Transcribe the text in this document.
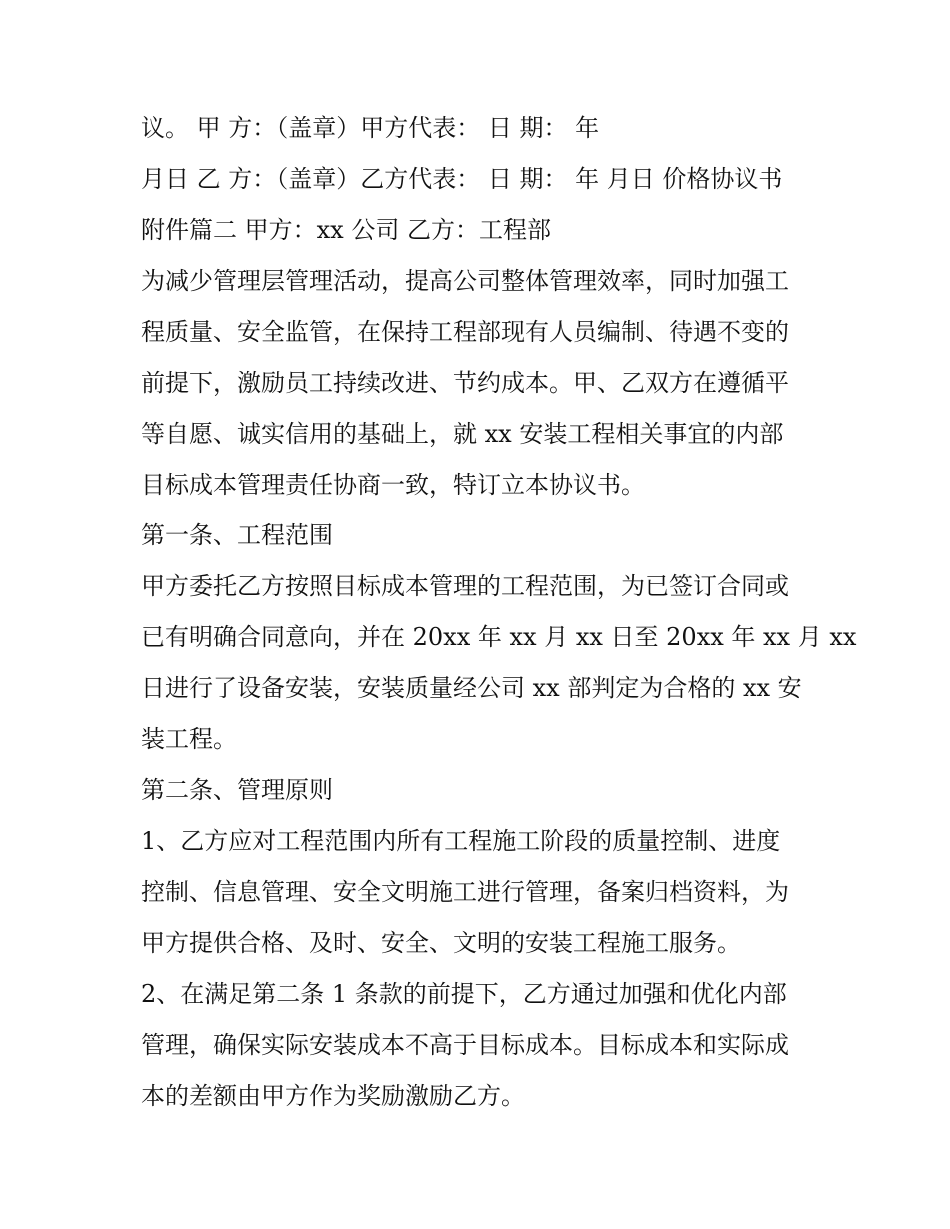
议。 甲 方：（盖章）甲方代表： 日 期： 年
月日 乙 方：（盖章）乙方代表： 日 期： 年 月日 价格协议书
附件篇二 甲方：xx 公司 乙方：工程部
为减少管理层管理活动，提高公司整体管理效率，同时加强工
程质量、安全监管，在保持工程部现有人员编制、待遇不变的
前提下，激励员工持续改进、节约成本。甲、乙双方在遵循平
等自愿、诚实信用的基础上，就 xx 安装工程相关事宜的内部
目标成本管理责任协商一致，特订立本协议书。
第一条、工程范围
甲方委托乙方按照目标成本管理的工程范围，为已签订合同或
已有明确合同意向，并在 20xx 年 xx 月 xx 日至 20xx 年 xx 月 xx
日进行了设备安装，安装质量经公司 xx 部判定为合格的 xx 安
装工程。
第二条、管理原则
1、乙方应对工程范围内所有工程施工阶段的质量控制、进度
控制、信息管理、安全文明施工进行管理，备案归档资料，为
甲方提供合格、及时、安全、文明的安装工程施工服务。
2、在满足第二条 1 条款的前提下，乙方通过加强和优化内部
管理，确保实际安装成本不高于目标成本。目标成本和实际成
本的差额由甲方作为奖励激励乙方。
